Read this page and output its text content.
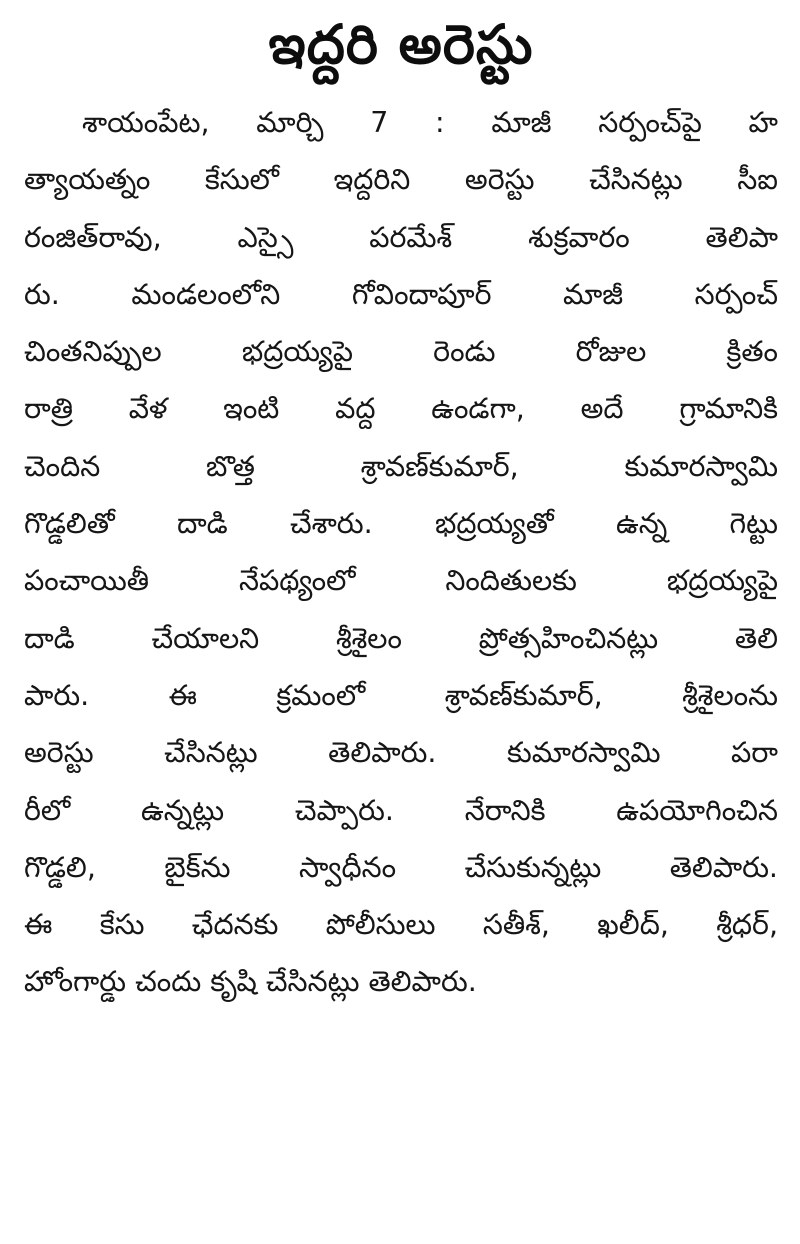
ఇద్దరి అరెస్టు
శాయంపేట, మార్చి 7 : మాజీ సర్పంచ్‌పై హ
త్యాయత్నం కేసులో ఇద్దరిని అరెస్టు చేసినట్లు సీఐ
రంజిత్‌రావు, ఎస్సై పరమేశ్ శుక్రవారం తెలిపా
రు. మండలంలోని గోవిందాపూర్ మాజీ సర్పంచ్
చింతనిప్పుల భద్రయ్యపై రెండు రోజుల క్రితం
రాత్రి వేళ ఇంటి వద్ద ఉండగా, అదే గ్రామానికి
చెందిన బొత్త శ్రావణ్‌కుమార్, కుమారస్వామి
గొడ్డలితో దాడి చేశారు. భద్రయ్యతో ఉన్న గెట్టు
పంచాయితీ నేపథ్యంలో నిందితులకు భద్రయ్యపై
దాడి చేయాలని శ్రీశైలం ప్రోత్సహించినట్లు తెలి
పారు. ఈ క్రమంలో శ్రావణ్‌కుమార్, శ్రీశైలంను
అరెస్టు చేసినట్లు తెలిపారు. కుమారస్వామి పరా
రీలో ఉన్నట్లు చెప్పారు. నేరానికి ఉపయోగించిన
గొడ్డలి, బైక్‌ను స్వాధీనం చేసుకున్నట్లు తెలిపారు.
ఈ కేసు ఛేదనకు పోలీసులు సతీశ్, ఖలీద్, శ్రీధర్,
హోంగార్డు చందు కృషి చేసినట్లు తెలిపారు.
